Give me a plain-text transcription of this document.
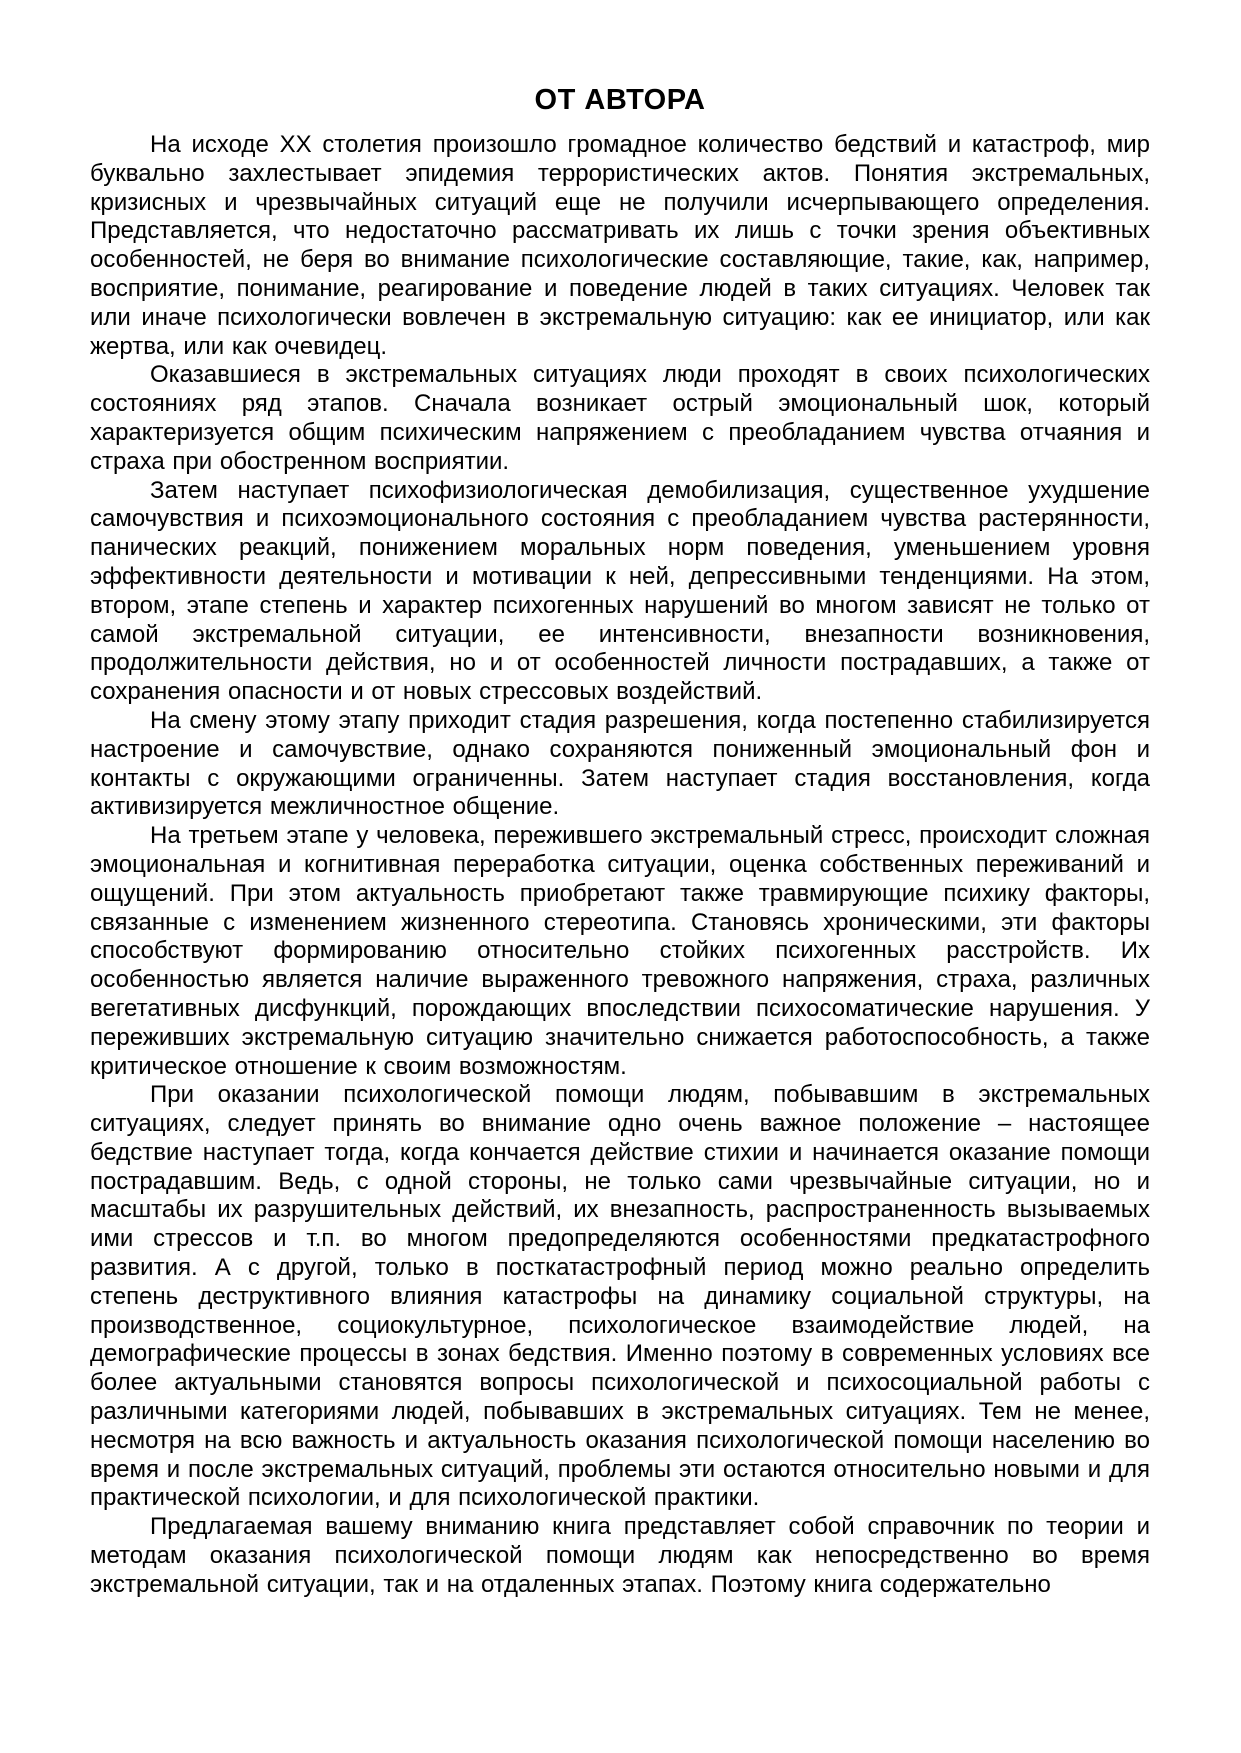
ОТ АВТОРА

На исходе XX столетия произошло громадное количество бедствий и катастроф, мир буквально захлестывает эпидемия террористических актов. Понятия экстремальных, кризисных и чрезвычайных ситуаций еще не получили исчерпывающего определения. Представляется, что недостаточно рассматривать их лишь с точки зрения объективных особенностей, не беря во внимание психологические составляющие, такие, как, например, восприятие, понимание, реагирование и поведение людей в таких ситуациях. Человек так или иначе психологически вовлечен в экстремальную ситуацию: как ее инициатор, или как жертва, или как очевидец.

Оказавшиеся в экстремальных ситуациях люди проходят в своих психологических состояниях ряд этапов. Сначала возникает острый эмоциональный шок, который характеризуется общим психическим напряжением с преобладанием чувства отчаяния и страха при обостренном восприятии.

Затем наступает психофизиологическая демобилизация, существенное ухудшение самочувствия и психоэмоционального состояния с преобладанием чувства растерянности, панических реакций, понижением моральных норм поведения, уменьшением уровня эффективности деятельности и мотивации к ней, депрессивными тенденциями. На этом, втором, этапе степень и характер психогенных нарушений во многом зависят не только от самой экстремальной ситуации, ее интенсивности, внезапности возникновения, продолжительности действия, но и от особенностей личности пострадавших, а также от сохранения опасности и от новых стрессовых воздействий.

На смену этому этапу приходит стадия разрешения, когда постепенно стабилизируется настроение и самочувствие, однако сохраняются пониженный эмоциональный фон и контакты с окружающими ограниченны. Затем наступает стадия восстановления, когда активизируется межличностное общение.

На третьем этапе у человека, пережившего экстремальный стресс, происходит сложная эмоциональная и когнитивная переработка ситуации, оценка собственных переживаний и ощущений. При этом актуальность приобретают также травмирующие психику факторы, связанные с изменением жизненного стереотипа. Становясь хроническими, эти факторы способствуют формированию относительно стойких психогенных расстройств. Их особенностью является наличие выраженного тревожного напряжения, страха, различных вегетативных дисфункций, порождающих впоследствии психосоматические нарушения. У переживших экстремальную ситуацию значительно снижается работоспособность, а также критическое отношение к своим возможностям.

При оказании психологической помощи людям, побывавшим в экстремальных ситуациях, следует принять во внимание одно очень важное положение – настоящее бедствие наступает тогда, когда кончается действие стихии и начинается оказание помощи пострадавшим. Ведь, с одной стороны, не только сами чрезвычайные ситуации, но и масштабы их разрушительных действий, их внезапность, распространенность вызываемых ими стрессов и т.п. во многом предопределяются особенностями предкатастрофного развития. А с другой, только в посткатастрофный период можно реально определить степень деструктивного влияния катастрофы на динамику социальной структуры, на производственное, социокультурное, психологическое взаимодействие людей, на демографические процессы в зонах бедствия. Именно поэтому в современных условиях все более актуальными становятся вопросы психологической и психосоциальной работы с различными категориями людей, побывавших в экстремальных ситуациях. Тем не менее, несмотря на всю важность и актуальность оказания психологической помощи населению во время и после экстремальных ситуаций, проблемы эти остаются относительно новыми и для практической психологии, и для психологической практики.

Предлагаемая вашему вниманию книга представляет собой справочник по теории и методам оказания психологической помощи людям как непосредственно во время экстремальной ситуации, так и на отдаленных этапах. Поэтому книга содержательно
